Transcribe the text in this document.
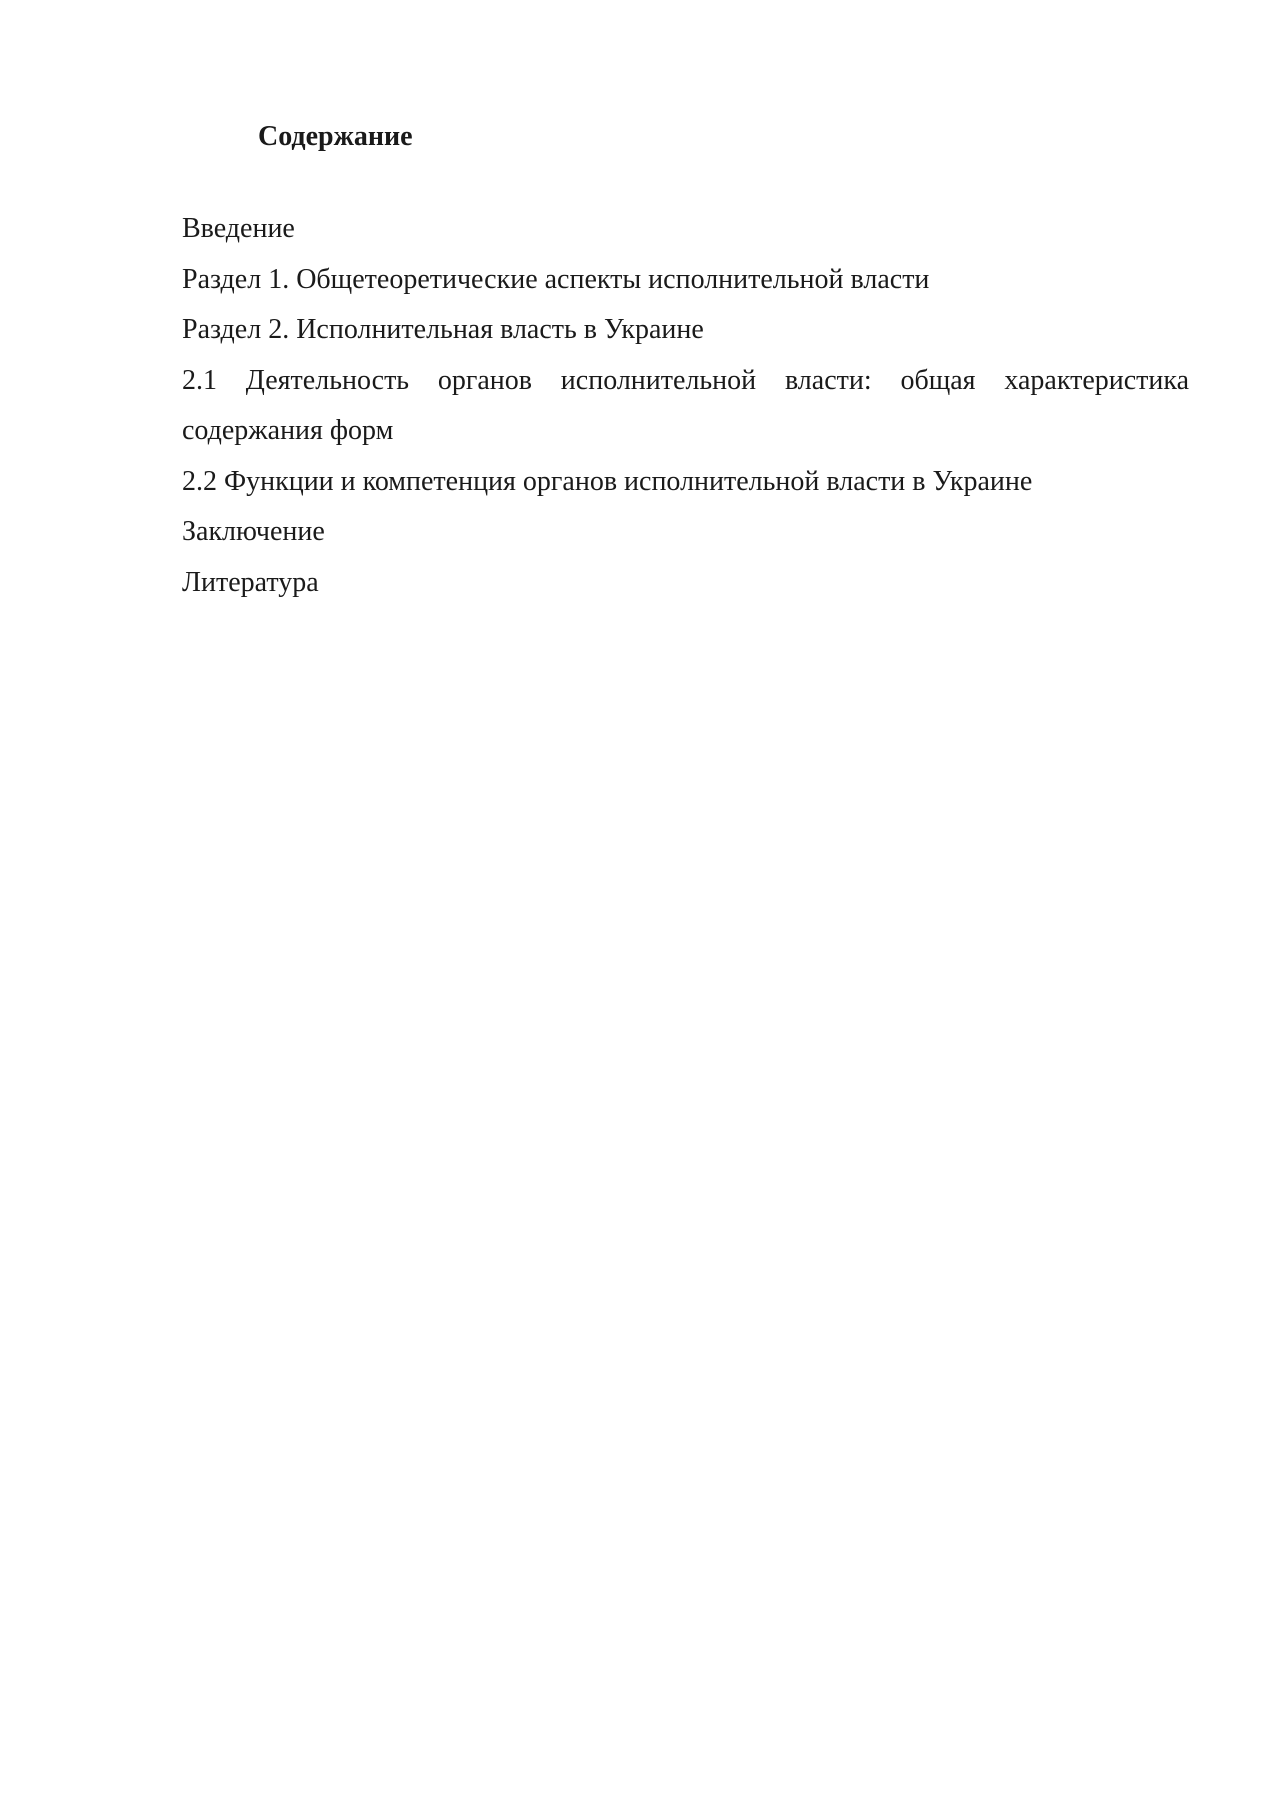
Содержание
Введение
Раздел 1. Общетеоретические аспекты исполнительной власти
Раздел 2. Исполнительная власть в Украине
2.1 Деятельность органов исполнительной власти: общая характеристика содержания форм
2.2 Функции и компетенция органов исполнительной власти в Украине
Заключение
Литература
